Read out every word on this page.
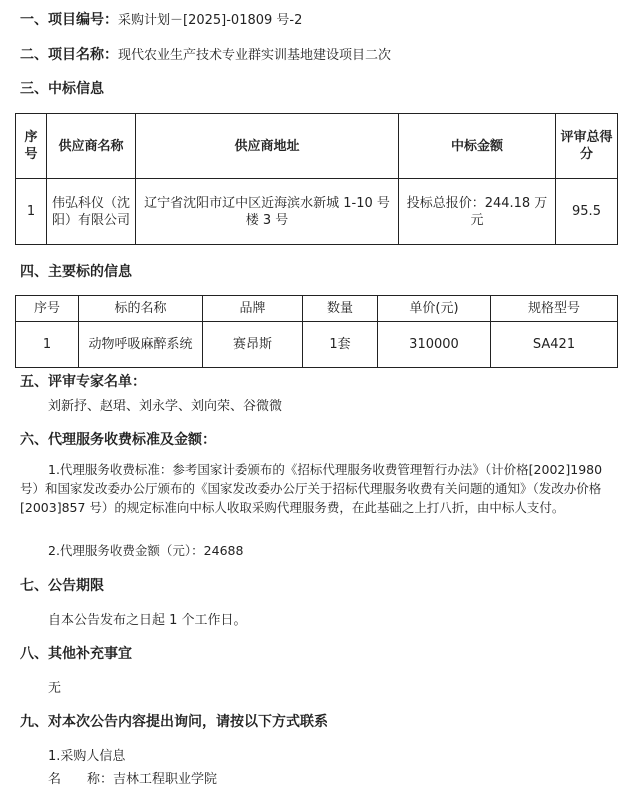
一、项目编号：采购计划－[2025]-01809 号-2
二、项目名称：现代农业生产技术专业群实训基地建设项目二次
三、中标信息
序号	供应商名称	供应商地址	中标金额	评审总得分
1	伟弘科仪（沈阳）有限公司	辽宁省沈阳市辽中区近海滨水新城 1-10 号楼 3 号	投标总报价：244.18 万元	95.5
四、主要标的信息
序号	标的名称	品牌	数量	单价(元)	规格型号
1	动物呼吸麻醉系统	赛昂斯	1套	310000	SA421
五、评审专家名单：
刘新抒、赵珺、刘永学、刘向荣、谷微微
六、代理服务收费标准及金额：
1.代理服务收费标准：参考国家计委颁布的《招标代理服务收费管理暂行办法》（计价格[2002]1980 号）和国家发改委办公厅颁布的《国家发改委办公厅关于招标代理服务收费有关问题的通知》（发改办价格[2003]857 号）的规定标准向中标人收取采购代理服务费，在此基础之上打八折，由中标人支付。
2.代理服务收费金额（元）：24688
七、公告期限
自本公告发布之日起 1 个工作日。
八、其他补充事宜
无
九、对本次公告内容提出询问，请按以下方式联系
1.采购人信息
名　　称：吉林工程职业学院
